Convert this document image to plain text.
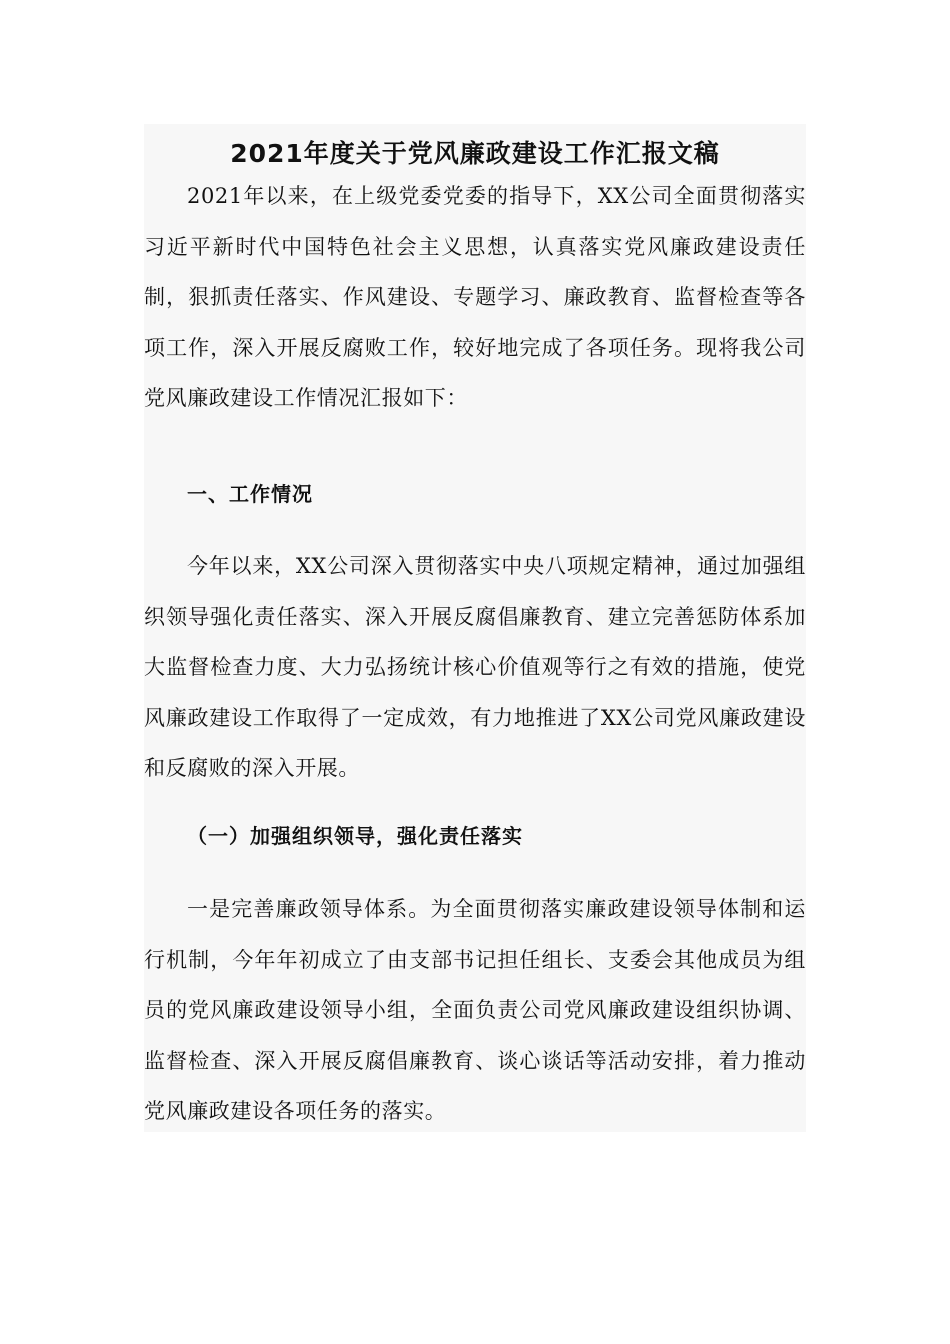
2021年度关于党风廉政建设工作汇报文稿

2021年以来，在上级党委党委的指导下，XX公司全面贯彻落实习近平新时代中国特色社会主义思想，认真落实党风廉政建设责任制，狠抓责任落实、作风建设、专题学习、廉政教育、监督检查等各项工作，深入开展反腐败工作，较好地完成了各项任务。现将我公司党风廉政建设工作情况汇报如下：

一、工作情况

今年以来，XX公司深入贯彻落实中央八项规定精神，通过加强组织领导强化责任落实、深入开展反腐倡廉教育、建立完善惩防体系加大监督检查力度、大力弘扬统计核心价值观等行之有效的措施，使党风廉政建设工作取得了一定成效，有力地推进了XX公司党风廉政建设和反腐败的深入开展。

（一）加强组织领导，强化责任落实

一是完善廉政领导体系。为全面贯彻落实廉政建设领导体制和运行机制，今年年初成立了由支部书记担任组长、支委会其他成员为组员的党风廉政建设领导小组，全面负责公司党风廉政建设组织协调、监督检查、深入开展反腐倡廉教育、谈心谈话等活动安排，着力推动党风廉政建设各项任务的落实。
